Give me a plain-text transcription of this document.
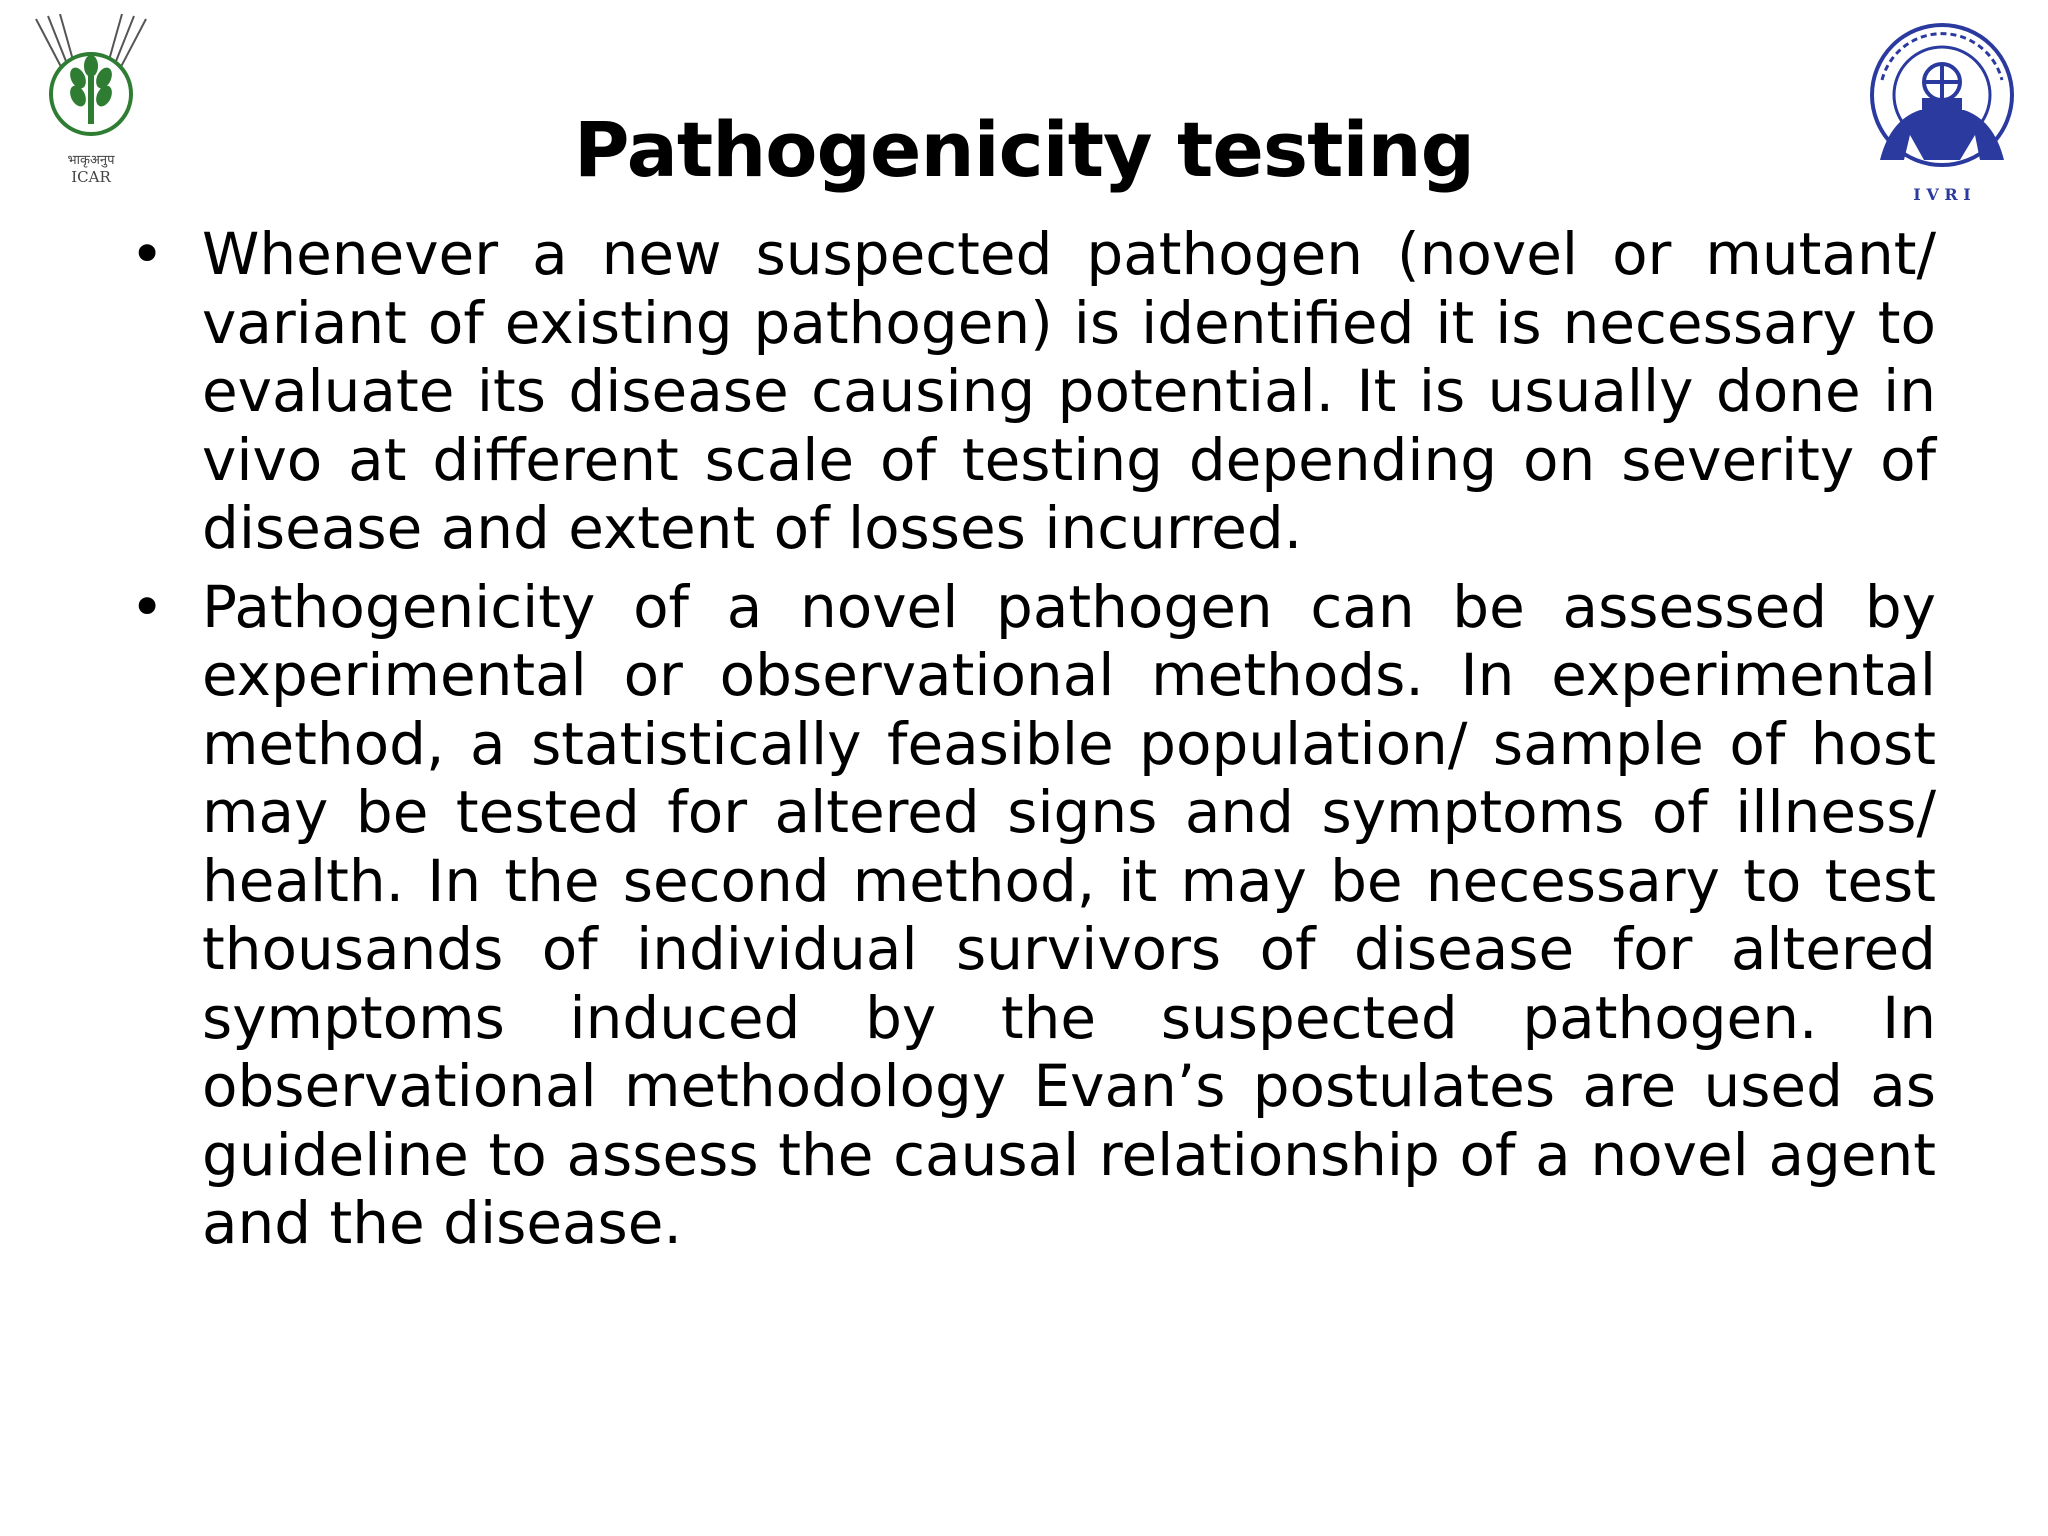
भाकृअनुप
ICAR
I V R I
Pathogenicity testing
• Whenever a new suspected pathogen (novel or mutant/ variant of existing pathogen) is identified it is necessary to evaluate its disease causing potential. It is usually done in vivo at different scale of testing depending on severity of disease and extent of losses incurred.
• Pathogenicity of a novel pathogen can be assessed by experimental or observational methods. In experimental method, a statistically feasible population/ sample of host may be tested for altered signs and symptoms of illness/ health. In the second method, it may be necessary to test thousands of individual survivors of disease for altered symptoms induced by the suspected pathogen. In observational methodology Evan’s postulates are used as guideline to assess the causal relationship of a novel agent and the disease.
